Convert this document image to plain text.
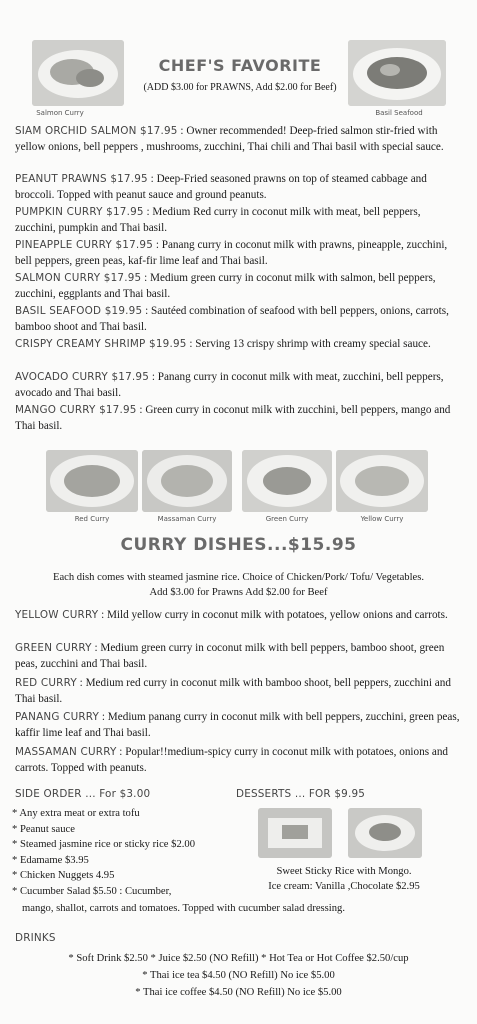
Salmon Curry
CHEF'S FAVORITE
(ADD $3.00 for PRAWNS, Add $2.00 for Beef)
Basil Seafood
SIAM ORCHID SALMON $17.95 : Owner recommended! Deep-fried salmon stir-fried with yellow onions, bell peppers , mushrooms, zucchini, Thai chili and Thai basil with special sauce.
PEANUT PRAWNS $17.95 : Deep-Fried seasoned prawns on top of steamed cabbage and broccoli. Topped with peanut sauce and ground peanuts.
PUMPKIN CURRY $17.95 : Medium Red curry in coconut milk with meat, bell peppers, zucchini, pumpkin and Thai basil.
PINEAPPLE CURRY $17.95 : Panang curry in coconut milk with prawns, pineapple, zucchini, bell peppers, green peas, kaf-fir lime leaf and Thai basil.
SALMON CURRY $17.95 : Medium green curry in coconut milk with salmon, bell peppers, zucchini, eggplants and Thai basil.
BASIL SEAFOOD $19.95 : Sautéed combination of seafood with bell peppers, onions, carrots, bamboo shoot and Thai basil.
CRISPY CREAMY SHRIMP $19.95 : Serving 13 crispy shrimp with creamy special sauce.
AVOCADO CURRY $17.95 : Panang curry in coconut milk with meat, zucchini, bell peppers, avocado and Thai basil.
MANGO CURRY $17.95 : Green curry in coconut milk with zucchini, bell peppers, mango and Thai basil.
Red Curry	Massaman Curry	Green Curry	Yellow Curry
CURRY DISHES...$15.95
Each dish comes with steamed jasmine rice. Choice of Chicken/Pork/ Tofu/ Vegetables.
Add $3.00 for Prawns Add $2.00 for Beef
YELLOW CURRY : Mild yellow curry in coconut milk with potatoes, yellow onions and carrots.
GREEN CURRY : Medium green curry in coconut milk with bell peppers, bamboo shoot, green peas, zucchini and Thai basil.
RED CURRY : Medium red curry in coconut milk with bamboo shoot, bell peppers, zucchini and Thai basil.
PANANG CURRY : Medium panang curry in coconut milk with bell peppers, zucchini, green peas, kaffir lime leaf and Thai basil.
MASSAMAN CURRY : Popular!!medium-spicy curry in coconut milk with potatoes, onions and carrots. Topped with peanuts.
SIDE ORDER ... For $3.00
* Any extra meat or extra tofu
* Peanut sauce
* Steamed jasmine rice or sticky rice $2.00
* Edamame $3.95
* Chicken Nuggets 4.95
* Cucumber Salad $5.50 : Cucumber,
mango, shallot, carrots and tomatoes. Topped with cucumber salad dressing.
DESSERTS ... FOR $9.95
Sweet Sticky Rice with Mongo.
Ice cream: Vanilla ,Chocolate $2.95
DRINKS
* Soft Drink $2.50 * Juice $2.50 (NO Refill) * Hot Tea or Hot Coffee $2.50/cup
* Thai ice tea $4.50 (NO Refill) No ice $5.00
* Thai ice coffee $4.50 (NO Refill) No ice $5.00
